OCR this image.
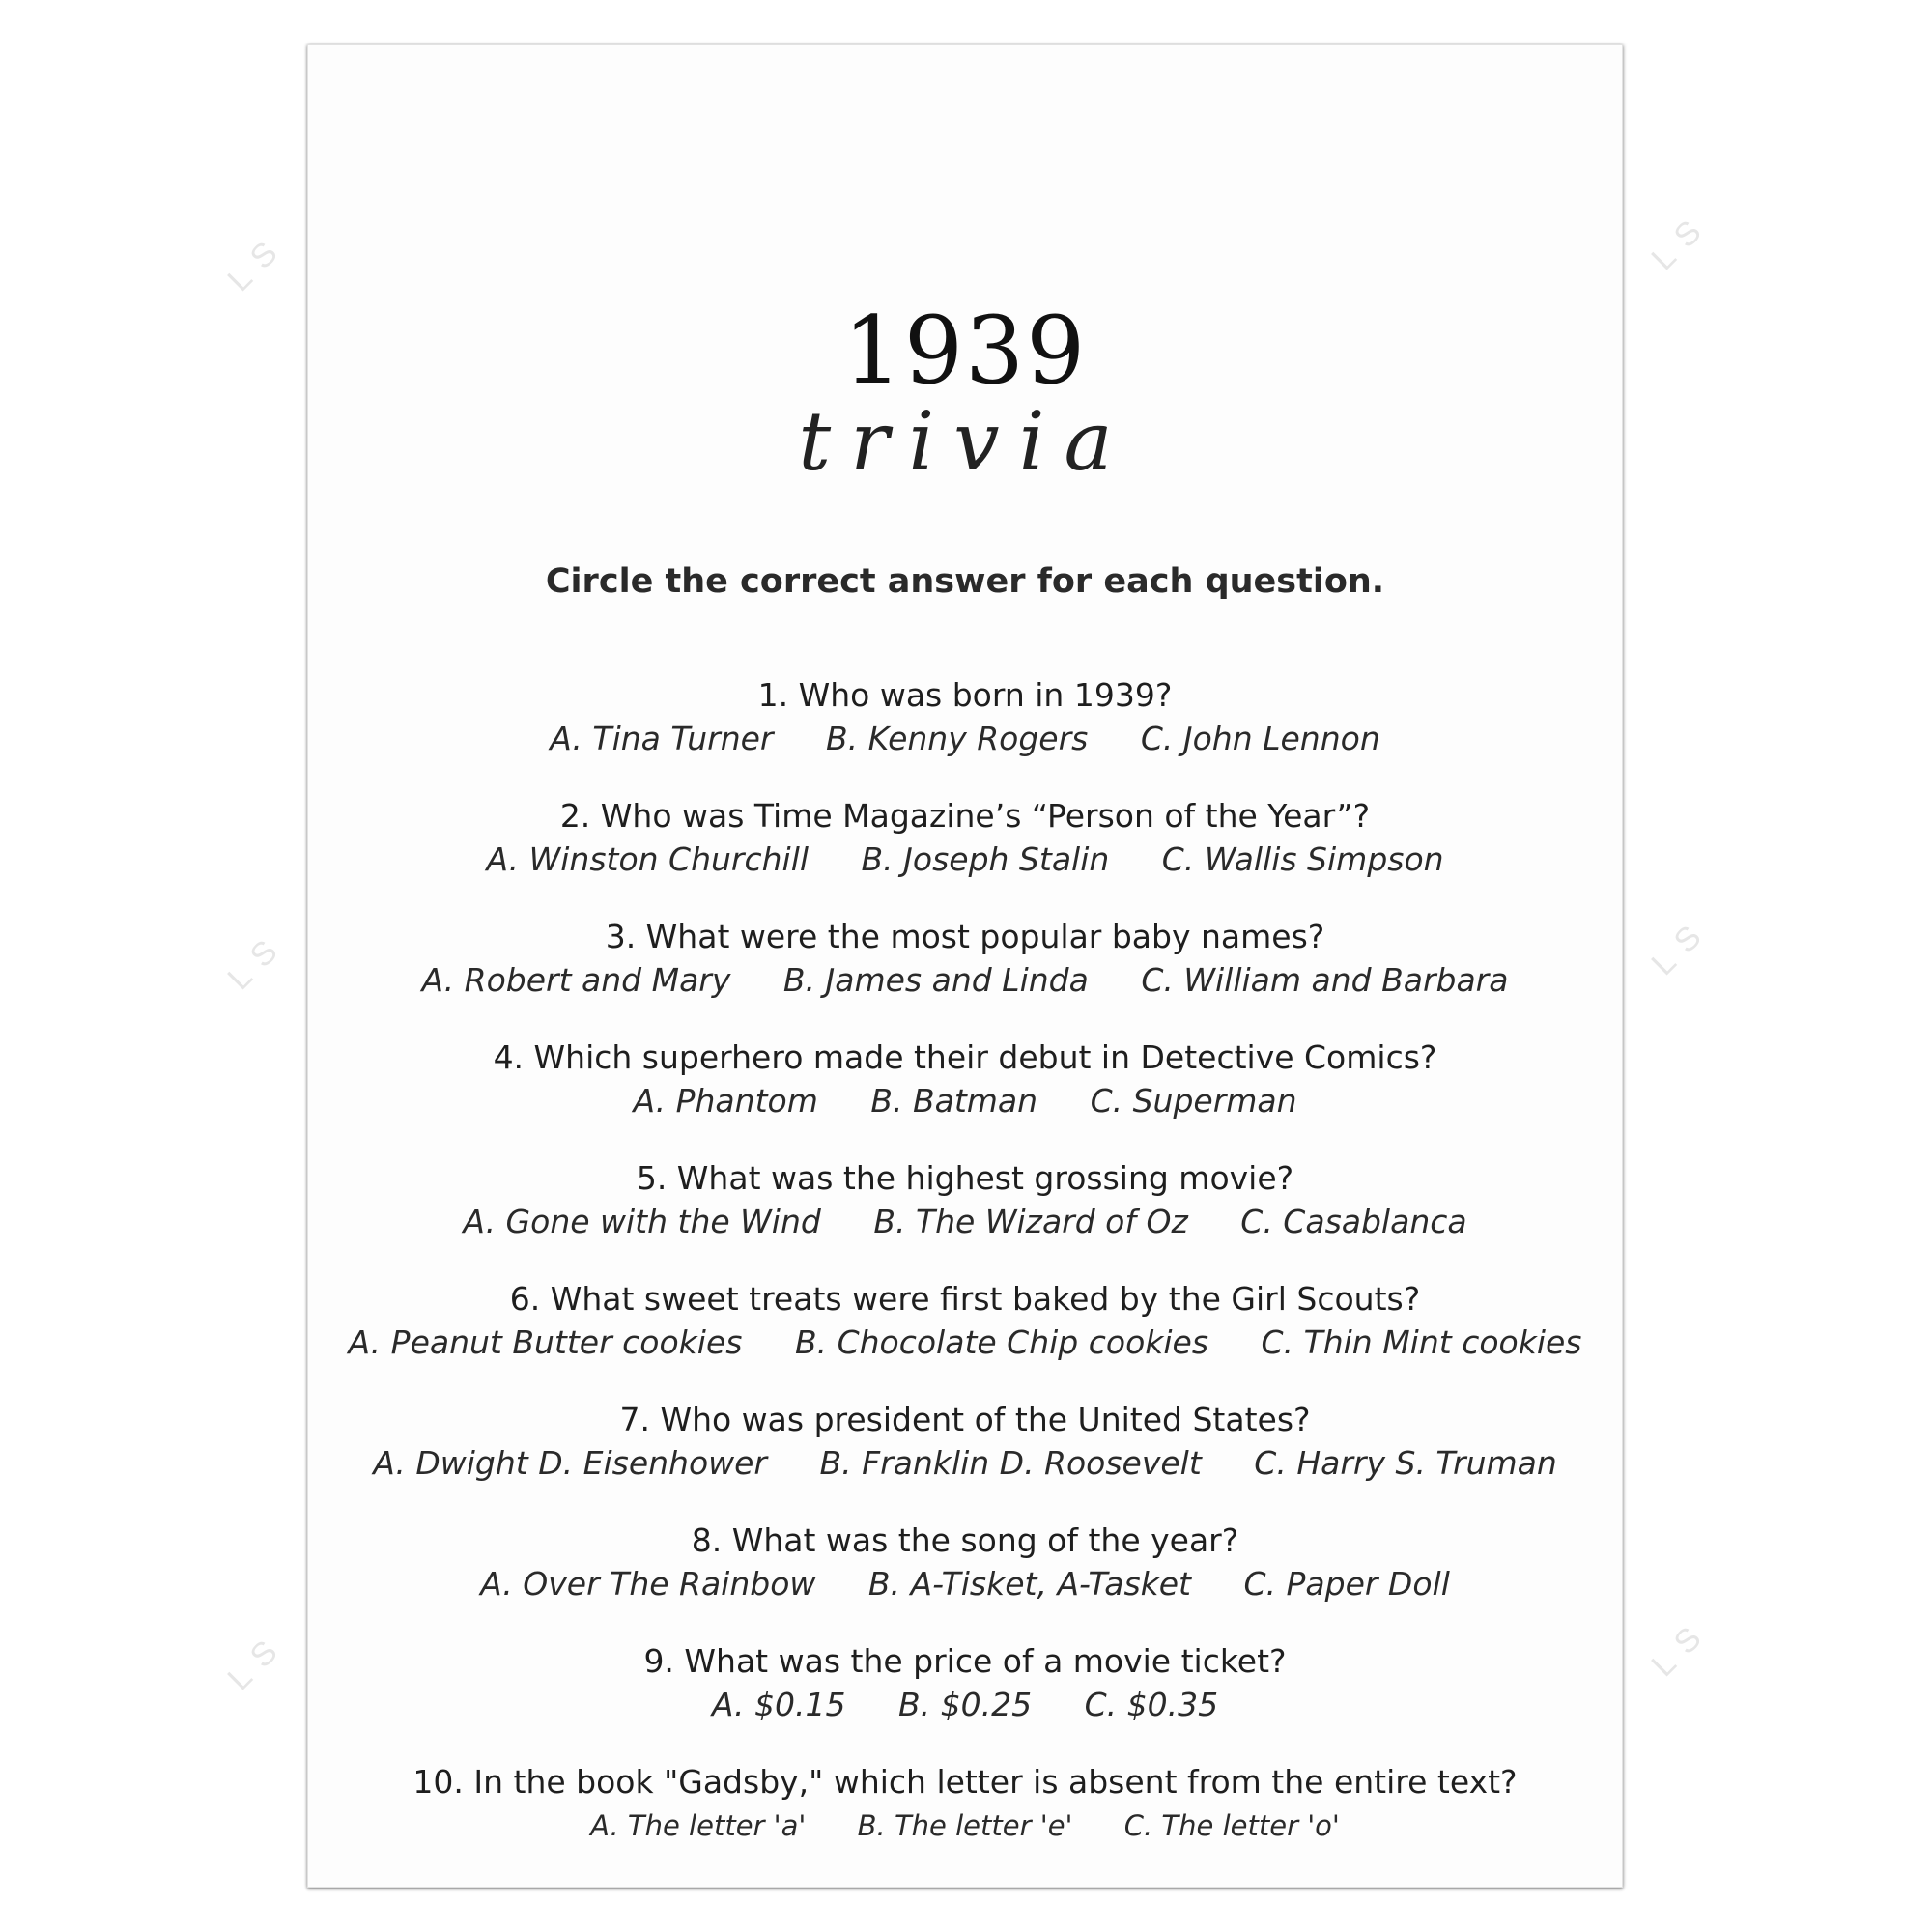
LS
LS
LS
LS
LS
LS
1939
trivia
Circle the correct answer for each question.
1. Who was born in 1939?
A. Tina Turner B. Kenny Rogers C. John Lennon
2. Who was Time Magazine’s “Person of the Year”?
A. Winston Churchill B. Joseph Stalin C. Wallis Simpson
3. What were the most popular baby names?
A. Robert and Mary B. James and Linda C. William and Barbara
4. Which superhero made their debut in Detective Comics?
A. Phantom B. Batman C. Superman
5. What was the highest grossing movie?
A. Gone with the Wind B. The Wizard of Oz C. Casablanca
6. What sweet treats were first baked by the Girl Scouts?
A. Peanut Butter cookies B. Chocolate Chip cookies C. Thin Mint cookies
7. Who was president of the United States?
A. Dwight D. Eisenhower B. Franklin D. Roosevelt C. Harry S. Truman
8. What was the song of the year?
A. Over The Rainbow B. A-Tisket, A-Tasket C. Paper Doll
9. What was the price of a movie ticket?
A. $0.15 B. $0.25 C. $0.35
10. In the book "Gadsby," which letter is absent from the entire text?
A. The letter 'a' B. The letter 'e' C. The letter 'o'
